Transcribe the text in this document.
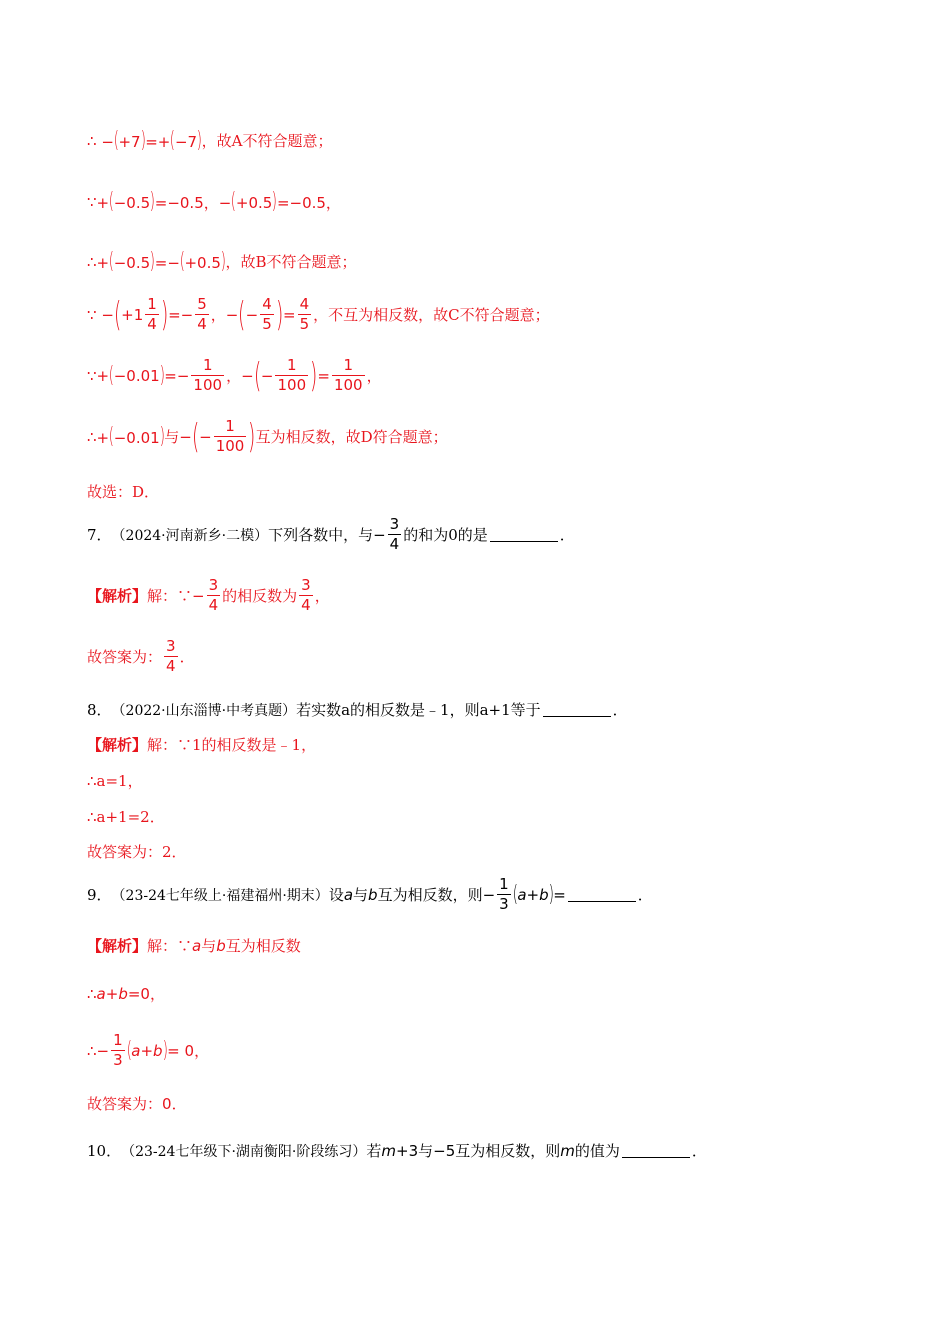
∴ −(+7)=+(−7) ，故A不符合题意；
∵ +(−0.5)=−0.5，−(+0.5)=−0.5，
∴ +(−0.5)=−(+0.5) ，故B不符合题意；
∵ − ( $+1 \frac{1}{4}$ ) =− $\frac{5}{4}$ ，− ( − $\frac{4}{5}$ ) = $\frac{4}{5}$ ，不互为相反数，故C不符合题意；
∵ + ( −0.01 ) =− $\frac{1}{100}$ ，− ( − $\frac{1}{100}$ ) = $\frac{1}{100}$ ，
∴ +(−0.01) 与 − ( − $\frac{1}{100}$ ) 互为相反数，故D符合题意；
故选：D．
7． （2024·河南新乡·二模） 下列各数中，与 − $\frac{3}{4}$ 的和为0的是	．
【解析】 解：∵ − $\frac{3}{4}$ 的相反数为 $\frac{3}{4}$ ，
故答案为： $\frac{3}{4}$ ．
8． （2022·山东淄博·中考真题） 若实数a的相反数是﹣1，则a+1等于	．
【解析】 解：∵1的相反数是﹣1，
∴a=1，
∴a+1=2．
故答案为：2．
9． （23-24七年级上·福建福州·期末） 设 a 与 b 互为相反数，则 − $\frac{1}{3}$ ( a + b ) =	．
【解析】 解：∵ a 与 b 互为相反数
∴ a+b=0 ，
∴ − $\frac{1}{3}$ ( a + b ) = 0 ，
故答案为： 0 ．
10． （23-24七年级下·湖南衡阳·阶段练习） 若 m+3 与 −5 互为相反数，则 m 的值为	．
